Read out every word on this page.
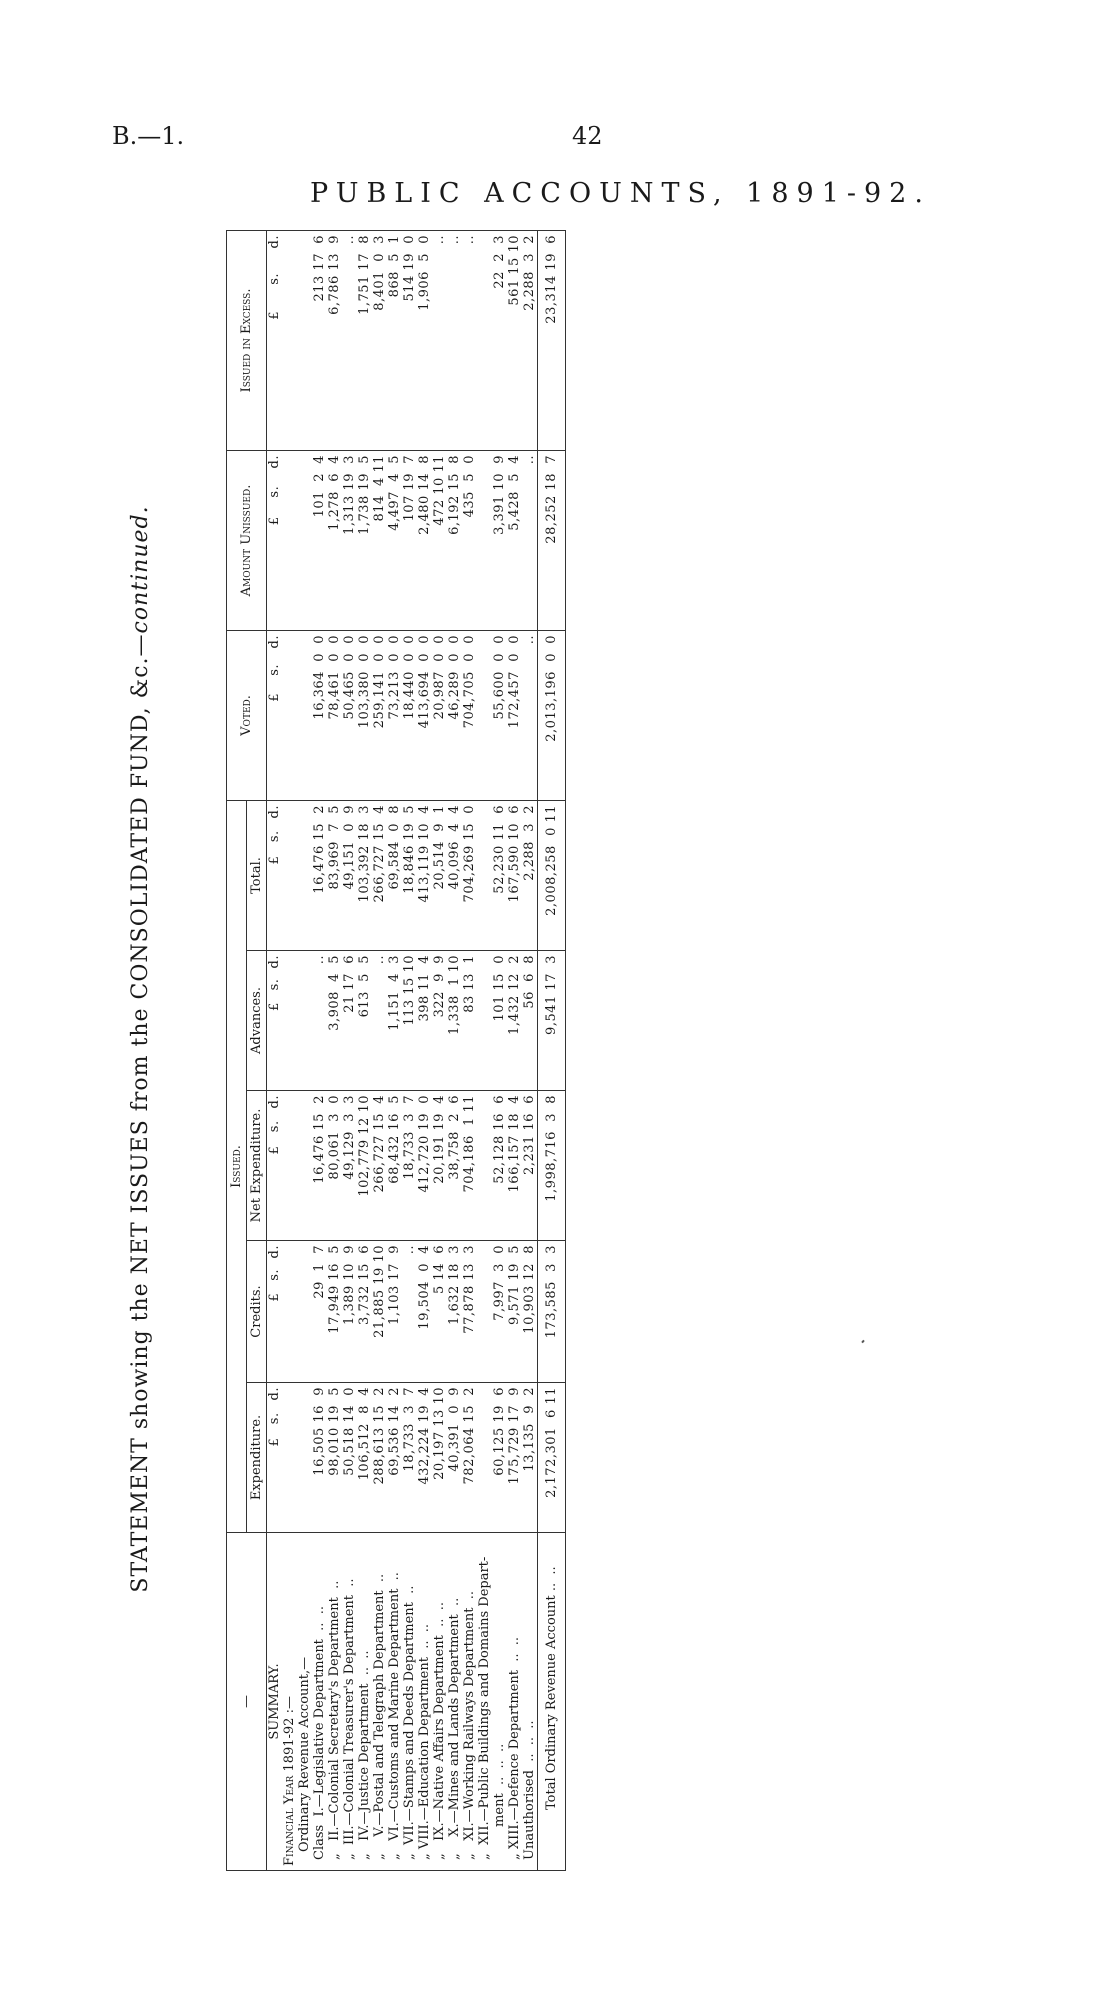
B.—1.	42
PUBLIC ACCOUNTS, 1891-92.
STATEMENT showing the NET ISSUES from the CONSOLIDATED FUND, &c.—continued.
—	Issued.					Voted.	Amount Unissued.	Issued in Excess.
	Expenditure.	Credits.	Net Expenditure.	Advances.	Total.			
SUMMARY.	£s.d.	£s.d.	£s.d.	£s.d.	£s.d.	£s.d.	£s.d.	£s.d.
Financial Year 1891-92 :—								
Ordinary Revenue Account,—								
Class  I.—Legislative Department  ..  ..	16,505 16  9	29  1  7	16,476 15  2	..	16,476 15  2	16,364  0  0	101  2  4	213 17  6
„   II.—Colonial Secretary's Department  ..	98,010 19  5	17,949 16  5	80,061  3  0	3,908  4  5	83,969  7  5	78,461  0  0	1,278  6  4	6,786 13  9
„  III.—Colonial Treasurer's Department  ..	50,518 14  0	1,389 10  9	49,129  3  3	21 17  6	49,151  0  9	50,465  0  0	1,313 19  3	..
„   IV.—Justice Department  ..  ..	106,512  8  4	3,732 15  6	102,779 12 10	613  5  5	103,392 18  3	103,380  0  0	1,738 19  5	1,751 17  8
„    V.—Postal and Telegraph Department  ..	288,613 15  2	21,885 19 10	266,727 15  4	..	266,727 15  4	259,141  0  0	814  4 11	8,401  0  3
„   VI.—Customs and Marine Department  ..	69,536 14  2	1,103 17  9	68,432 16  5	1,151  4  3	69,584  0  8	73,213  0  0	4,497  4  5	868  5  1
„  VII.—Stamps and Deeds Department  ..	18,733  3  7	..	18,733  3  7	113 15 10	18,846 19  5	18,440  0  0	107 19  7	514 19  0
„ VIII.—Education Department  ..  ..	432,224 19  4	19,504  0  4	412,720 19  0	398 11  4	413,119 10  4	413,694  0  0	2,480 14  8	1,906  5  0
„   IX.—Native Affairs Department  ..  ..	20,197 13 10	5 14  6	20,191 19  4	322  9  9	20,514  9  1	20,987  0  0	472 10 11	..
„    X.—Mines and Lands Department  ..	40,391  0  9	1,632 18  3	38,758  2  6	1,338  1 10	40,096  4  4	46,289  0  0	6,192 15  8	..
„   XI.—Working Railways Department  ..	782,064 15  2	77,878 13  3	704,186  1 11	83 13  1	704,269 15  0	704,705  0  0	435  5  0	..
„  XII.—Public Buildings and Domains Depart-								
ment  ..  ..  ..	60,125 19  6	7,997  3  0	52,128 16  6	101 15  0	52,230 11  6	55,600  0  0	3,391 10  9	22  2  3
„ XIII.—Defence Department  ..  ..	175,729 17  9	9,571 19  5	166,157 18  4	1,432 12  2	167,590 10  6	172,457  0  0	5,428  5  4	561 15 10
Unauthorised  ..  ..  ..	13,135  9  2	10,903 12  8	2,231 16  6	56  6  8	2,288  3  2	..	..	2,288  3  2
Total Ordinary Revenue Account ..  ..	2,172,301  6 11	173,585  3  3	1,998,716  3  8	9,541 17  3	2,008,258  0 11	2,013,196  0  0	28,252 18  7	23,314 19  6
